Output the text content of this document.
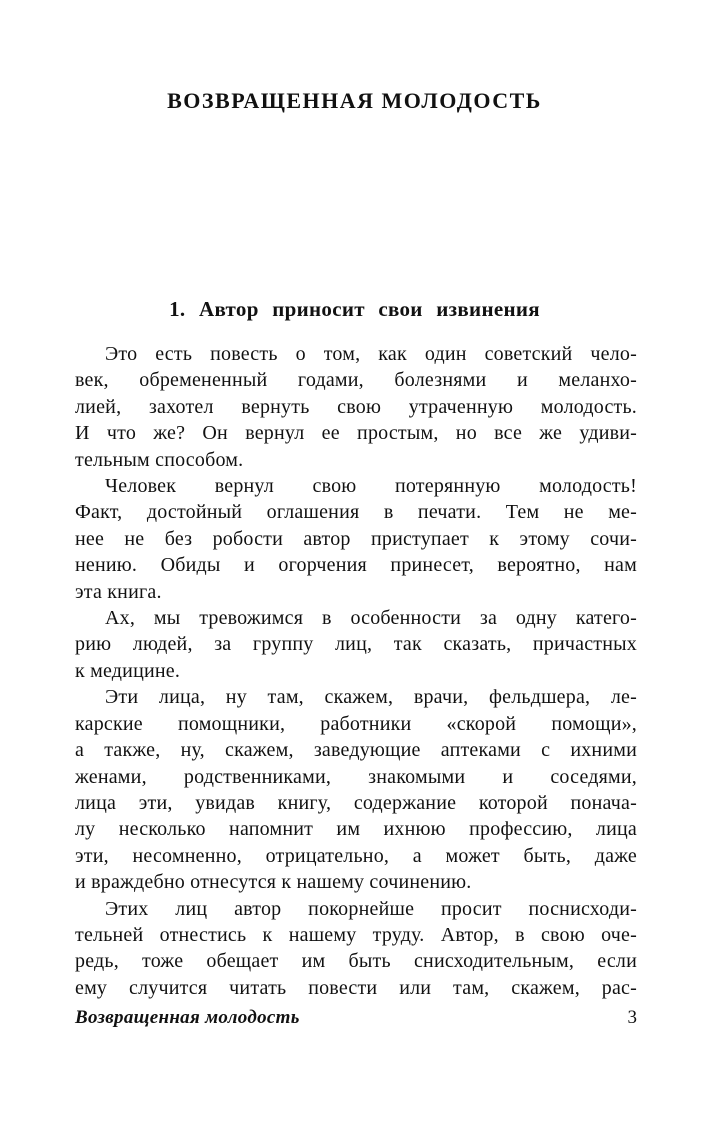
ВОЗВРАЩЕННАЯ МОЛОДОСТЬ
1. Автор приносит свои извинения
Это есть повесть о том, как один советский чело-
век, обремененный годами, болезнями и меланхо-
лией, захотел вернуть свою утраченную молодость.
И что же? Он вернул ее простым, но все же удиви-
тельным способом.
Человек вернул свою потерянную молодость!
Факт, достойный оглашения в печати. Тем не ме-
нее не без робости автор приступает к этому сочи-
нению. Обиды и огорчения принесет, вероятно, нам
эта книга.
Ах, мы тревожимся в особенности за одну катего-
рию людей, за группу лиц, так сказать, причастных
к медицине.
Эти лица, ну там, скажем, врачи, фельдшера, ле-
карские помощники, работники «скорой помощи»,
а также, ну, скажем, заведующие аптеками с ихними
женами, родственниками, знакомыми и соседями,
лица эти, увидав книгу, содержание которой понача-
лу несколько напомнит им ихнюю профессию, лица
эти, несомненно, отрицательно, а может быть, даже
и враждебно отнесутся к нашему сочинению.
Этих лиц автор покорнейше просит поснисходи-
тельней отнестись к нашему труду. Автор, в свою оче-
редь, тоже обещает им быть снисходительным, если
ему случится читать повести или там, скажем, рас-
Возвращенная молодость	3
